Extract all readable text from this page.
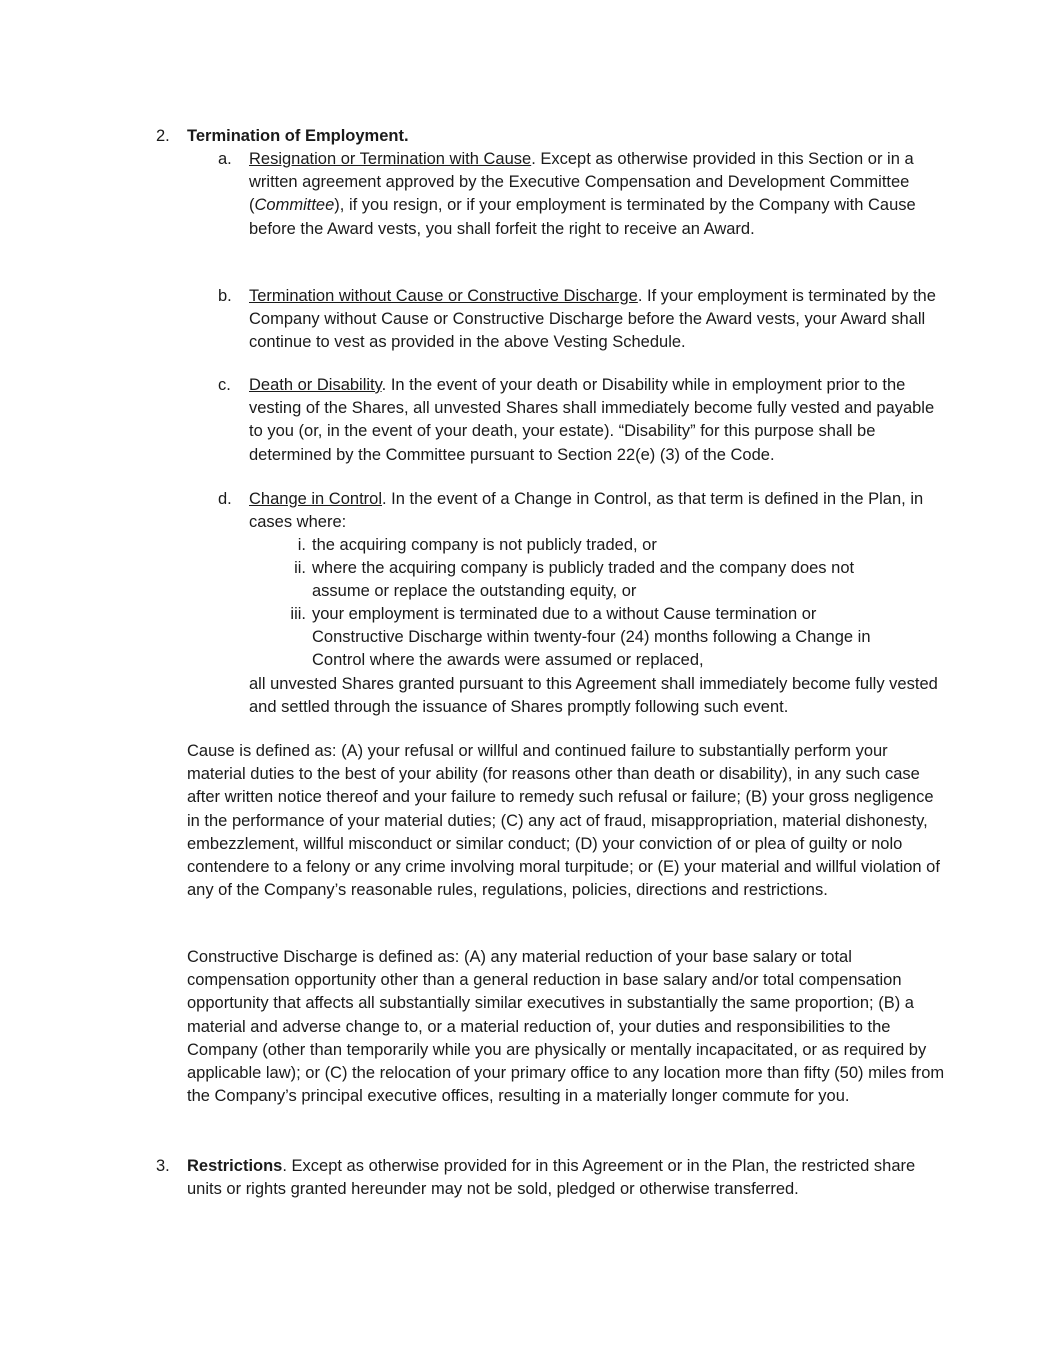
2. Termination of Employment.
a. Resignation or Termination with Cause. Except as otherwise provided in this Section or in a written agreement approved by the Executive Compensation and Development Committee (Committee), if you resign, or if your employment is terminated by the Company with Cause before the Award vests, you shall forfeit the right to receive an Award.

b. Termination without Cause or Constructive Discharge. If your employment is terminated by the Company without Cause or Constructive Discharge before the Award vests, your Award shall continue to vest as provided in the above Vesting Schedule.

c. Death or Disability. In the event of your death or Disability while in employment prior to the vesting of the Shares, all unvested Shares shall immediately become fully vested and payable to you (or, in the event of your death, your estate). “Disability” for this purpose shall be determined by the Committee pursuant to Section 22(e) (3) of the Code.

d. Change in Control. In the event of a Change in Control, as that term is defined in the Plan, in cases where:

i. the acquiring company is not publicly traded, or

ii. where the acquiring company is publicly traded and the company does not assume or replace the outstanding equity, or

iii. your employment is terminated due to a without Cause termination or Constructive Discharge within twenty-four (24) months following a Change in Control where the awards were assumed or replaced,

all unvested Shares granted pursuant to this Agreement shall immediately become fully vested and settled through the issuance of Shares promptly following such event.

Cause is defined as: (A) your refusal or willful and continued failure to substantially perform your material duties to the best of your ability (for reasons other than death or disability), in any such case after written notice thereof and your failure to remedy such refusal or failure; (B) your gross negligence in the performance of your material duties; (C) any act of fraud, misappropriation, material dishonesty, embezzlement, willful misconduct or similar conduct; (D) your conviction of or plea of guilty or nolo contendere to a felony or any crime involving moral turpitude; or (E) your material and willful violation of any of the Company’s reasonable rules, regulations, policies, directions and restrictions.

Constructive Discharge is defined as: (A) any material reduction of your base salary or total compensation opportunity other than a general reduction in base salary and/or total compensation opportunity that affects all substantially similar executives in substantially the same proportion; (B) a material and adverse change to, or a material reduction of, your duties and responsibilities to the Company (other than temporarily while you are physically or mentally incapacitated, or as required by applicable law); or (C) the relocation of your primary office to any location more than fifty (50) miles from the Company’s principal executive offices, resulting in a materially longer commute for you.

3. Restrictions. Except as otherwise provided for in this Agreement or in the Plan, the restricted share units or rights granted hereunder may not be sold, pledged or otherwise transferred.
